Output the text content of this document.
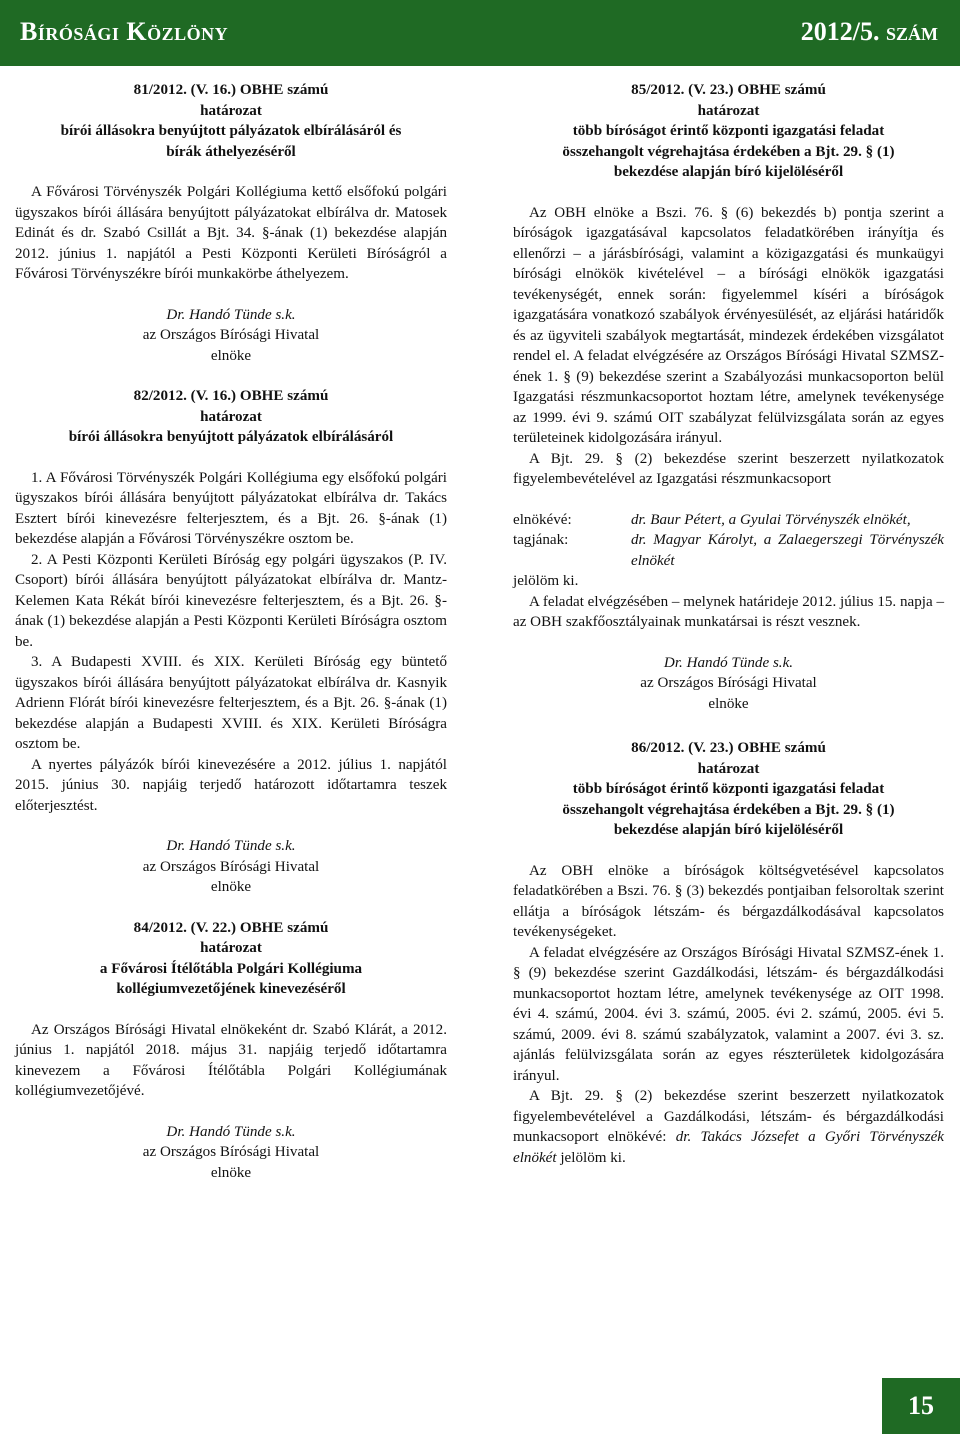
Bírósági Közlöny	2012/5. szám
81/2012. (V. 16.) OBHE számú
határozat
bírói állásokra benyújtott pályázatok elbírálásáról és
bírák áthelyezéséről

A Fővárosi Törvényszék Polgári Kollégiuma kettő elsőfokú polgári ügyszakos bírói állására benyújtott pályázatokat elbírálva dr. Matosek Edinát és dr. Szabó Csillát a Bjt. 34. §-ának (1) bekezdése alapján 2012. június 1. napjától a Pesti Központi Kerületi Bíróságról a Fővárosi Törvényszékre bírói munkakörbe áthelyezem.

Dr. Handó Tünde s.k.
az Országos Bírósági Hivatal
elnöke
82/2012. (V. 16.) OBHE számú
határozat
bírói állásokra benyújtott pályázatok elbírálásáról

1. A Fővárosi Törvényszék Polgári Kollégiuma egy elsőfokú polgári ügyszakos bírói állására benyújtott pályázatokat elbírálva dr. Takács Esztert bírói kinevezésre felterjesztem, és a Bjt. 26. §-ának (1) bekezdése alapján a Fővárosi Törvényszékre osztom be.

2. A Pesti Központi Kerületi Bíróság egy polgári ügyszakos (P. IV. Csoport) bírói állására benyújtott pályázatokat elbírálva dr. Mantz-Kelemen Kata Rékát bírói kinevezésre felterjesztem, és a Bjt. 26. §-ának (1) bekezdése alapján a Pesti Központi Kerületi Bíróságra osztom be.

3. A Budapesti XVIII. és XIX. Kerületi Bíróság egy büntető ügyszakos bírói állására benyújtott pályázatokat elbírálva dr. Kasnyik Adrienn Flórát bírói kinevezésre felterjesztem, és a Bjt. 26. §-ának (1) bekezdése alapján a Budapesti XVIII. és XIX. Kerületi Bíróságra osztom be.

A nyertes pályázók bírói kinevezésére a 2012. július 1. napjától 2015. június 30. napjáig terjedő határozott időtartamra teszek előterjesztést.

Dr. Handó Tünde s.k.
az Országos Bírósági Hivatal
elnöke
84/2012. (V. 22.) OBHE számú
határozat
a Fővárosi Ítélőtábla Polgári Kollégiuma
kollégiumvezetőjének kinevezéséről

Az Országos Bírósági Hivatal elnökeként dr. Szabó Klárát, a 2012. június 1. napjától 2018. május 31. napjáig terjedő időtartamra kinevezem a Fővárosi Ítélőtábla Polgári Kollégiumának kollégiumvezetőjévé.

Dr. Handó Tünde s.k.
az Országos Bírósági Hivatal
elnöke
85/2012. (V. 23.) OBHE számú
határozat
több bíróságot érintő központi igazgatási feladat
összehangolt végrehajtása érdekében a Bjt. 29. § (1)
bekezdése alapján bíró kijelöléséről

Az OBH elnöke a Bszi. 76. § (6) bekezdés b) pontja szerint a bíróságok igazgatásával kapcsolatos feladatkörében irányítja és ellenőrzi – a járásbírósági, valamint a közigazgatási és munkaügyi bírósági elnökök kivételével – a bírósági elnökök igazgatási tevékenységét, ennek során: figyelemmel kíséri a bíróságok igazgatására vonatkozó szabályok érvényesülését, az eljárási határidők és az ügyviteli szabályok megtartását, mindezek érdekében vizsgálatot rendel el. A feladat elvégzésére az Országos Bírósági Hivatal SZMSZ-ének 1. § (9) bekezdése szerint a Szabályozási munkacsoporton belül Igazgatási részmunkacsoportot hoztam létre, amelynek tevékenysége az 1999. évi 9. számú OIT szabályzat felülvizsgálata során az egyes területeinek kidolgozására irányul.

A Bjt. 29. § (2) bekezdése szerint beszerzett nyilatkozatok figyelembevételével az Igazgatási részmunkacsoport

elnökévé:	dr. Baur Pétert, a Gyulai Törvényszék elnökét,
tagjának:	dr. Magyar Károlyt, a Zalaegerszegi Törvényszék elnökét

jelölöm ki.

A feladat elvégzésében – melynek határideje 2012. július 15. napja – az OBH szakfőosztályainak munkatársai is részt vesznek.

Dr. Handó Tünde s.k.
az Országos Bírósági Hivatal
elnöke
86/2012. (V. 23.) OBHE számú
határozat
több bíróságot érintő központi igazgatási feladat
összehangolt végrehajtása érdekében a Bjt. 29. § (1)
bekezdése alapján bíró kijelöléséről

Az OBH elnöke a bíróságok költségvetésével kapcsolatos feladatkörében a Bszi. 76. § (3) bekezdés pontjaiban felsoroltak szerint ellátja a bíróságok létszám- és bérgazdálkodásával kapcsolatos tevékenységeket.

A feladat elvégzésére az Országos Bírósági Hivatal SZMSZ-ének 1. § (9) bekezdése szerint Gazdálkodási, létszám- és bérgazdálkodási munkacsoportot hoztam létre, amelynek tevékenysége az OIT 1998. évi 4. számú, 2004. évi 3. számú, 2005. évi 2. számú, 2005. évi 5. számú, 2009. évi 8. számú szabályzatok, valamint a 2007. évi 3. sz. ajánlás felülvizsgálata során az egyes részterületek kidolgozására irányul.

A Bjt. 29. § (2) bekezdése szerint beszerzett nyilatkozatok figyelembevételével a Gazdálkodási, létszám- és bérgazdálkodási munkacsoport elnökévé: dr. Takács Józsefet a Győri Törvényszék elnökét jelölöm ki.

15
